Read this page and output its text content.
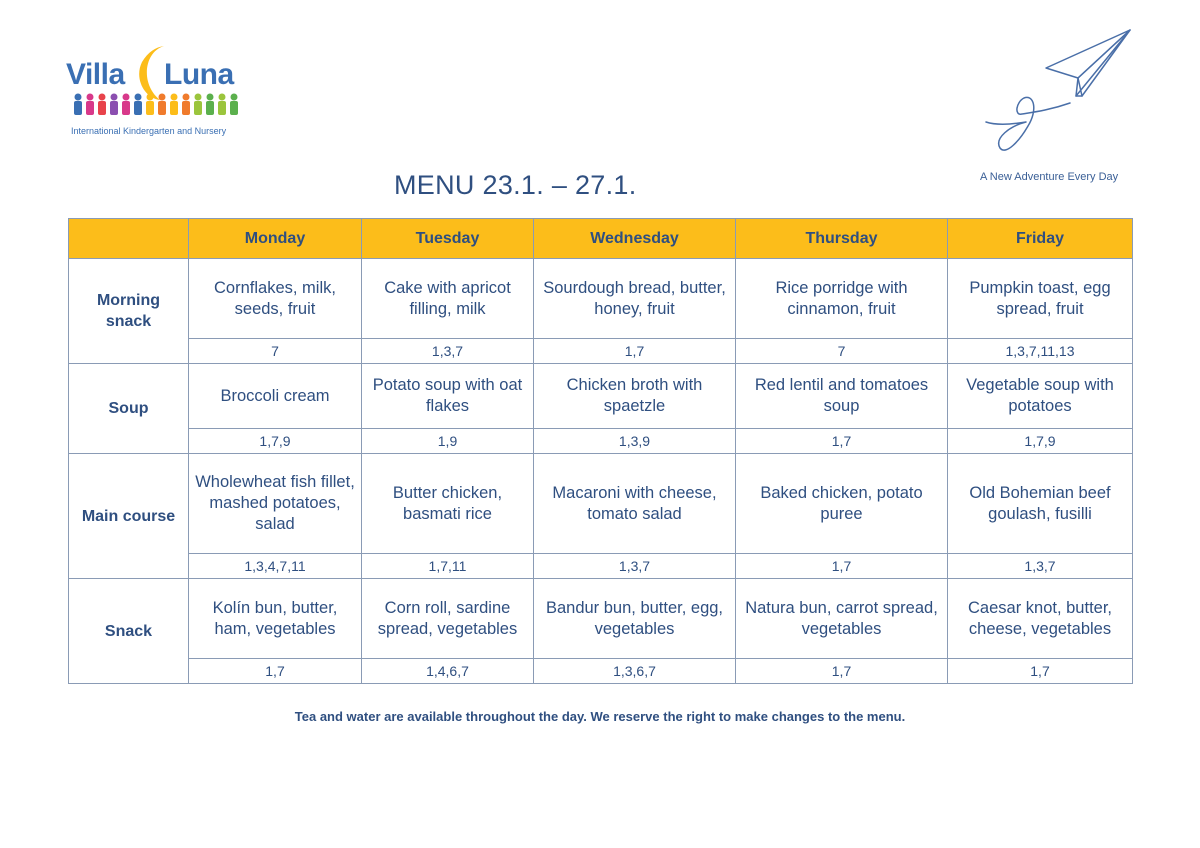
Villa Luna
International Kindergarten and Nursery
A New Adventure Every Day
MENU 23.1. – 27.1.
	Monday	Tuesday	Wednesday	Thursday	Friday
Morning snack	Cornflakes, milk, seeds, fruit	Cake with apricot filling, milk	Sourdough bread, butter, honey, fruit	Rice porridge with cinnamon, fruit	Pumpkin toast, egg spread, fruit
	7	1,3,7	1,7	7	1,3,7,11,13
Soup	Broccoli cream	Potato soup with oat flakes	Chicken broth with spaetzle	Red lentil and tomatoes soup	Vegetable soup with potatoes
	1,7,9	1,9	1,3,9	1,7	1,7,9
Main course	Wholewheat fish fillet, mashed potatoes, salad	Butter chicken, basmati rice	Macaroni with cheese, tomato salad	Baked chicken, potato puree	Old Bohemian beef goulash, fusilli
	1,3,4,7,11	1,7,11	1,3,7	1,7	1,3,7
Snack	Kolín bun, butter, ham, vegetables	Corn roll, sardine spread, vegetables	Bandur bun, butter, egg, vegetables	Natura bun, carrot spread, vegetables	Caesar knot, butter, cheese, vegetables
	1,7	1,4,6,7	1,3,6,7	1,7	1,7
Tea and water are available throughout the day. We reserve the right to make changes to the menu.
